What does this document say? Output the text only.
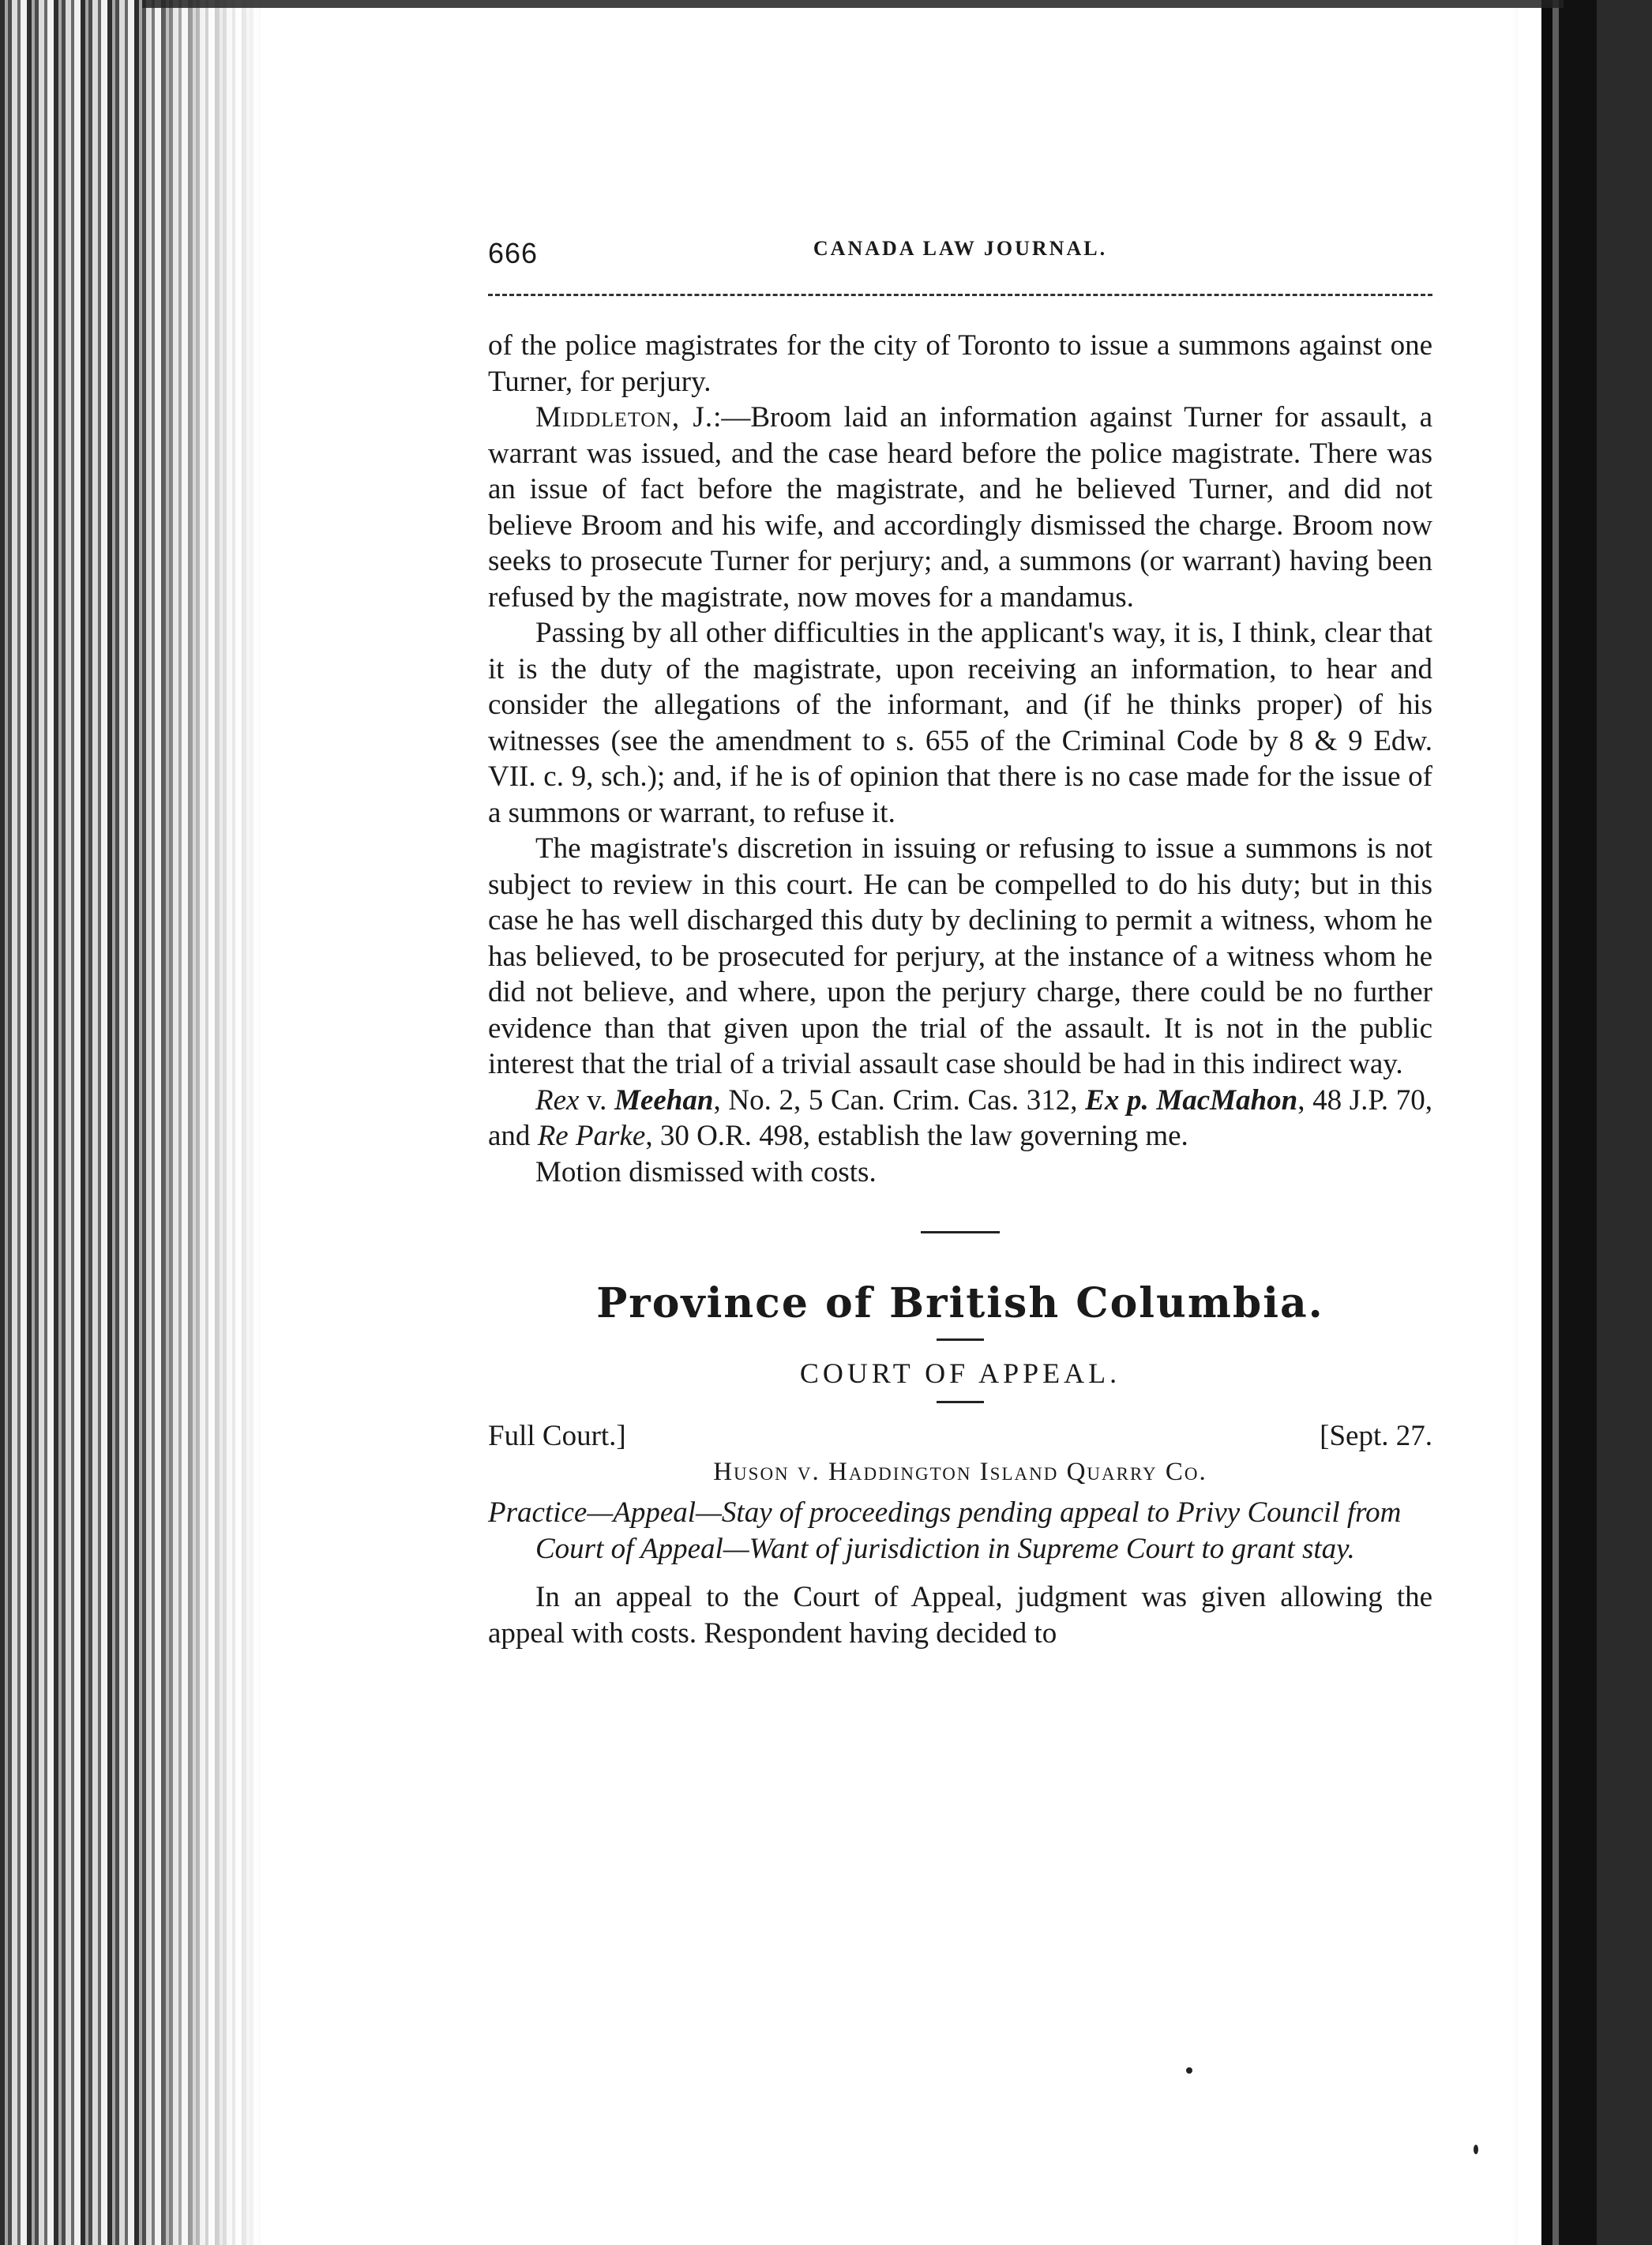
666	CANADA LAW JOURNAL.

of the police magistrates for the city of Toronto to issue a summons against one Turner, for perjury.

Middleton, J.:—Broom laid an information against Turner for assault, a warrant was issued, and the case heard before the police magistrate. There was an issue of fact before the magistrate, and he believed Turner, and did not believe Broom and his wife, and accordingly dismissed the charge. Broom now seeks to prosecute Turner for perjury; and, a summons (or warrant) having been refused by the magistrate, now moves for a mandamus.

Passing by all other difficulties in the applicant's way, it is, I think, clear that it is the duty of the magistrate, upon receiving an information, to hear and consider the allegations of the informant, and (if he thinks proper) of his witnesses (see the amendment to s. 655 of the Criminal Code by 8 & 9 Edw. VII. c. 9, sch.); and, if he is of opinion that there is no case made for the issue of a summons or warrant, to refuse it.

The magistrate's discretion in issuing or refusing to issue a summons is not subject to review in this court. He can be compelled to do his duty; but in this case he has well discharged this duty by declining to permit a witness, whom he has believed, to be prosecuted for perjury, at the instance of a witness whom he did not believe, and where, upon the perjury charge, there could be no further evidence than that given upon the trial of the assault. It is not in the public interest that the trial of a trivial assault case should be had in this indirect way.

Rex v. Meehan, No. 2, 5 Can. Crim. Cas. 312, Ex p. MacMahon, 48 J.P. 70, and Re Parke, 30 O.R. 498, establish the law governing me.

Motion dismissed with costs.

Province of British Columbia.
COURT OF APPEAL.
Full Court.]	[Sept. 27.
Huson v. Haddington Island Quarry Co.
Practice—Appeal—Stay of proceedings pending appeal to Privy Council from Court of Appeal—Want of jurisdiction in Supreme Court to grant stay.

In an appeal to the Court of Appeal, judgment was given allowing the appeal with costs. Respondent having decided to
